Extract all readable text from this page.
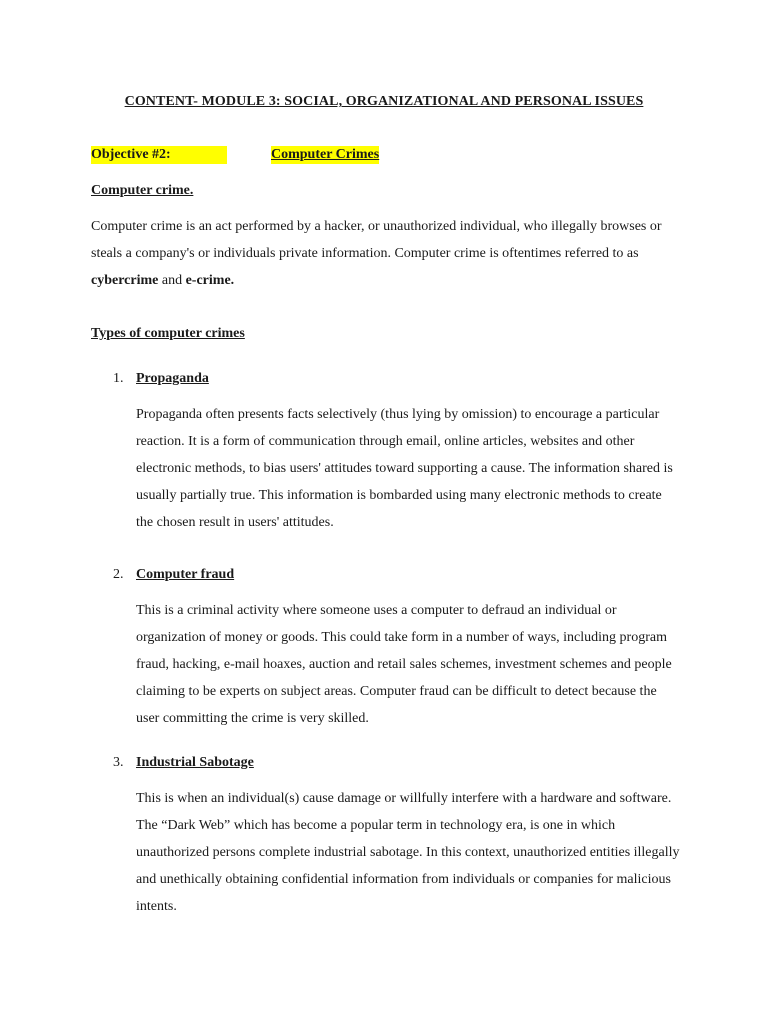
CONTENT- MODULE 3: SOCIAL, ORGANIZATIONAL AND PERSONAL ISSUES
Objective #2:	Computer Crimes
Computer crime.

Computer crime is an act performed by a hacker, or unauthorized individual, who illegally browses or steals a company's or individuals private information. Computer crime is oftentimes referred to as cybercrime and e-crime.

Types of computer crimes
1. Propaganda

Propaganda often presents facts selectively (thus lying by omission) to encourage a particular reaction. It is a form of communication through email, online articles, websites and other electronic methods, to bias users' attitudes toward supporting a cause. The information shared is usually partially true. This information is bombarded using many electronic methods to create the chosen result in users' attitudes.

2. Computer fraud

This is a criminal activity where someone uses a computer to defraud an individual or organization of money or goods. This could take form in a number of ways, including program fraud, hacking, e-mail hoaxes, auction and retail sales schemes, investment schemes and people claiming to be experts on subject areas. Computer fraud can be difficult to detect because the user committing the crime is very skilled.

3. Industrial Sabotage

This is when an individual(s) cause damage or willfully interfere with a hardware and software. The “Dark Web” which has become a popular term in technology era, is one in which unauthorized persons complete industrial sabotage. In this context, unauthorized entities illegally and unethically obtaining confidential information from individuals or companies for malicious intents.
